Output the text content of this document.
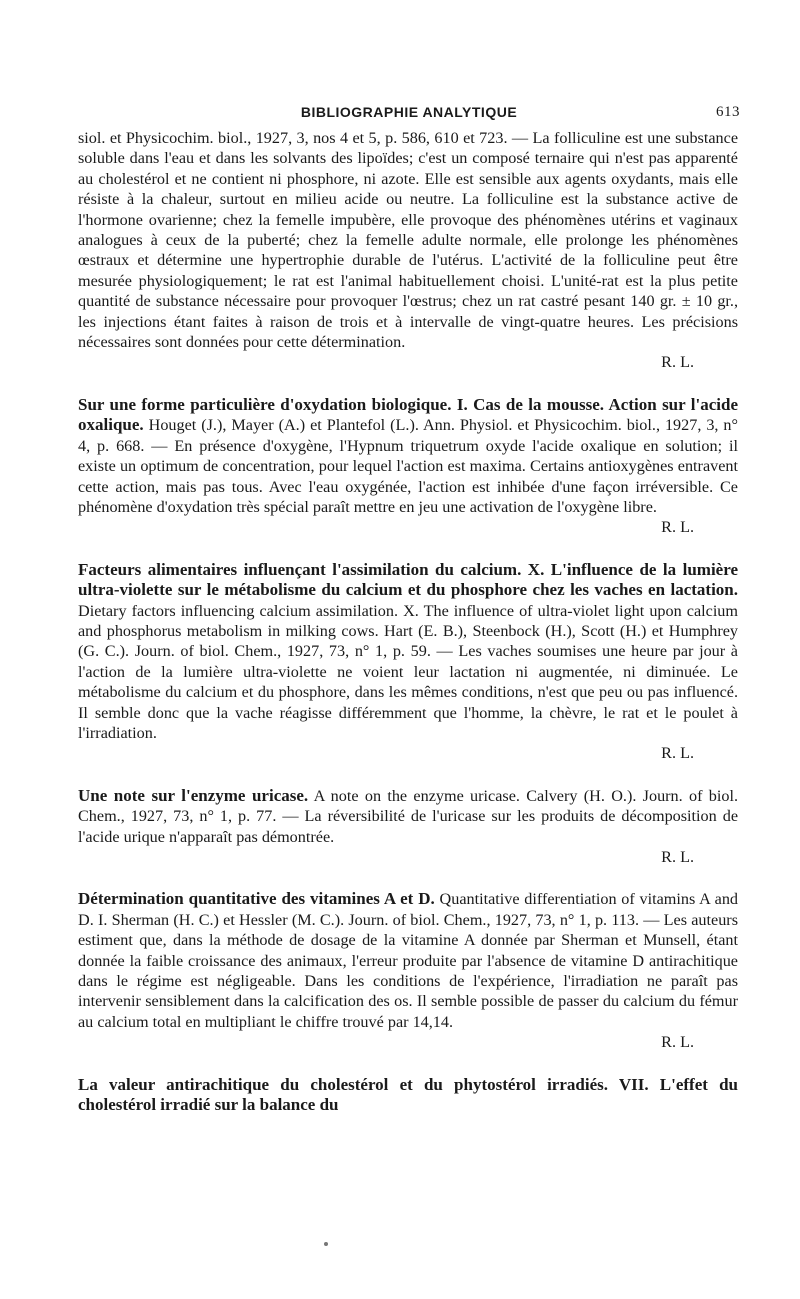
BIBLIOGRAPHIE ANALYTIQUE	613

siol. et Physicochim. biol., 1927, 3, nos 4 et 5, p. 586, 610 et 723. — La folliculine est une substance soluble dans l'eau et dans les solvants des lipoïdes; c'est un composé ternaire qui n'est pas apparenté au cholestérol et ne contient ni phosphore, ni azote. Elle est sensible aux agents oxydants, mais elle résiste à la chaleur, surtout en milieu acide ou neutre. La folliculine est la substance active de l'hormone ovarienne; chez la femelle impubère, elle provoque des phénomènes utérins et vaginaux analogues à ceux de la puberté; chez la femelle adulte normale, elle prolonge les phénomènes œstraux et détermine une hypertrophie durable de l'utérus. L'activité de la folliculine peut être mesurée physiologiquement; le rat est l'animal habituellement choisi. L'unité-rat est la plus petite quantité de substance nécessaire pour provoquer l'œstrus; chez un rat castré pesant 140 gr. ± 10 gr., les injections étant faites à raison de trois et à intervalle de vingt-quatre heures. Les précisions nécessaires sont données pour cette détermination.

R. L.

Sur une forme particulière d'oxydation biologique. I. Cas de la mousse. Action sur l'acide oxalique. Houget (J.), Mayer (A.) et Plantefol (L.). Ann. Physiol. et Physicochim. biol., 1927, 3, n° 4, p. 668. — En présence d'oxygène, l'Hypnum triquetrum oxyde l'acide oxalique en solution; il existe un optimum de concentration, pour lequel l'action est maxima. Certains antioxygènes entravent cette action, mais pas tous. Avec l'eau oxygénée, l'action est inhibée d'une façon irréversible. Ce phénomène d'oxydation très spécial paraît mettre en jeu une activation de l'oxygène libre.

R. L.

Facteurs alimentaires influençant l'assimilation du calcium. X. L'influence de la lumière ultra-violette sur le métabolisme du calcium et du phosphore chez les vaches en lactation. Dietary factors influencing calcium assimilation. X. The influence of ultra-violet light upon calcium and phosphorus metabolism in milking cows. Hart (E. B.), Steenbock (H.), Scott (H.) et Humphrey (G. C.). Journ. of biol. Chem., 1927, 73, n° 1, p. 59. — Les vaches soumises une heure par jour à l'action de la lumière ultra-violette ne voient leur lactation ni augmentée, ni diminuée. Le métabolisme du calcium et du phosphore, dans les mêmes conditions, n'est que peu ou pas influencé. Il semble donc que la vache réagisse différemment que l'homme, la chèvre, le rat et le poulet à l'irradiation.

R. L.

Une note sur l'enzyme uricase. A note on the enzyme uricase. Calvery (H. O.). Journ. of biol. Chem., 1927, 73, n° 1, p. 77. — La réversibilité de l'uricase sur les produits de décomposition de l'acide urique n'apparaît pas démontrée.

R. L.

Détermination quantitative des vitamines A et D. Quantitative differentiation of vitamins A and D. I. Sherman (H. C.) et Hessler (M. C.). Journ. of biol. Chem., 1927, 73, n° 1, p. 113. — Les auteurs estiment que, dans la méthode de dosage de la vitamine A donnée par Sherman et Munsell, étant donnée la faible croissance des animaux, l'erreur produite par l'absence de vitamine D antirachitique dans le régime est négligeable. Dans les conditions de l'expérience, l'irradiation ne paraît pas intervenir sensiblement dans la calcification des os. Il semble possible de passer du calcium du fémur au calcium total en multipliant le chiffre trouvé par 14,14.

R. L.

La valeur antirachitique du cholestérol et du phytostérol irradiés. VII. L'effet du cholestérol irradié sur la balance du
